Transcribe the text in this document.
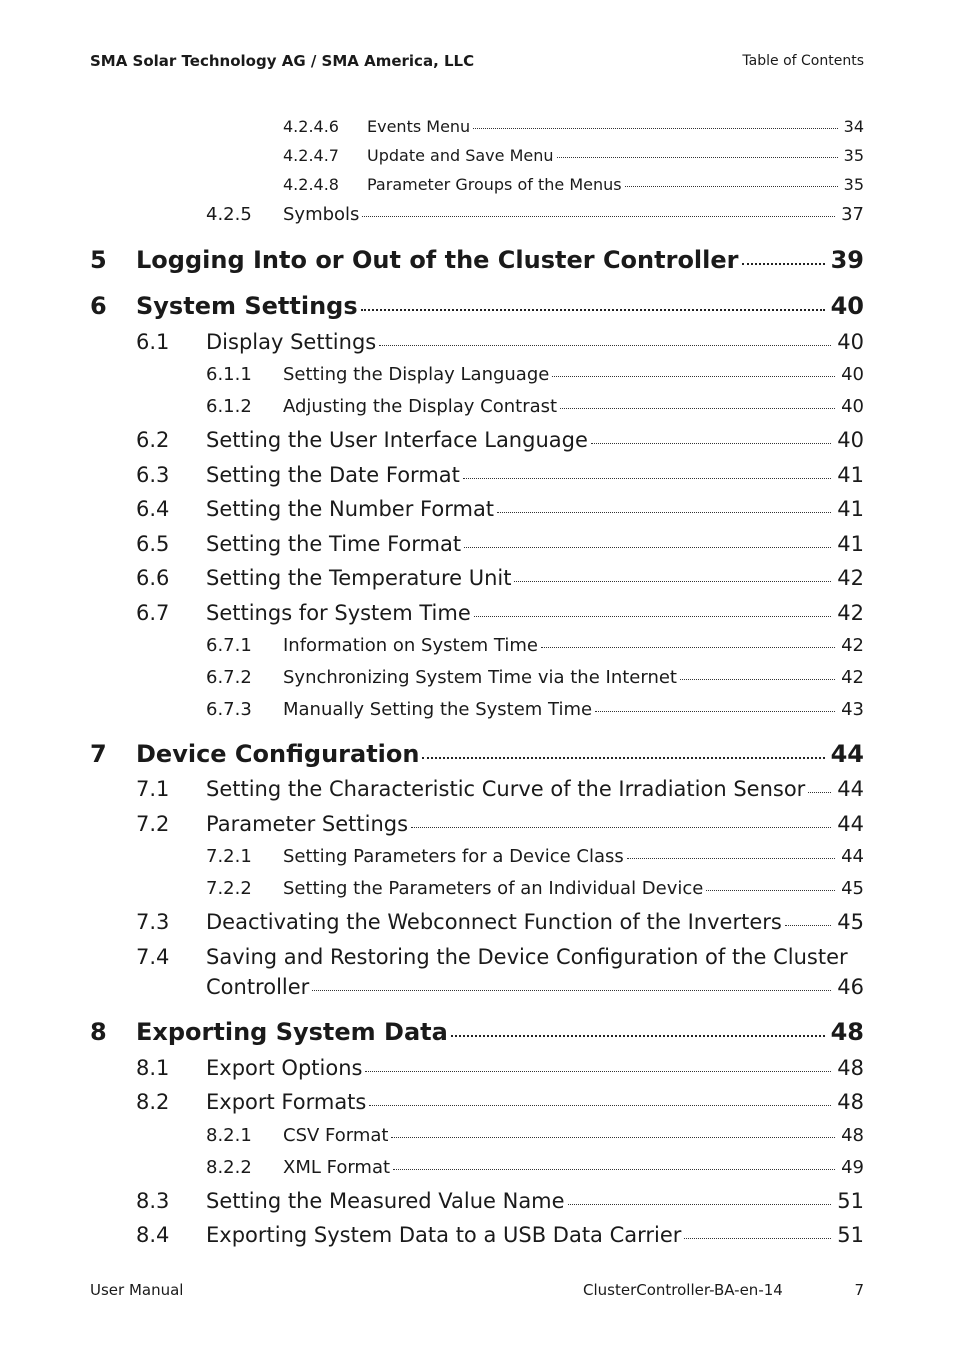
SMA Solar Technology AG / SMA America, LLC	Table of Contents
4.2.4.6	Events Menu	34
4.2.4.7	Update and Save Menu	35
4.2.4.8	Parameter Groups of the Menus	35
4.2.5	Symbols	37
5	Logging Into or Out of the Cluster Controller	39
6	System Settings	40
6.1	Display Settings	40
6.1.1	Setting the Display Language	40
6.1.2	Adjusting the Display Contrast	40
6.2	Setting the User Interface Language	40
6.3	Setting the Date Format	41
6.4	Setting the Number Format	41
6.5	Setting the Time Format	41
6.6	Setting the Temperature Unit	42
6.7	Settings for System Time	42
6.7.1	Information on System Time	42
6.7.2	Synchronizing System Time via the Internet	42
6.7.3	Manually Setting the System Time	43
7	Device Configuration	44
7.1	Setting the Characteristic Curve of the Irradiation Sensor 44
7.2	Parameter Settings	44
7.2.1	Setting Parameters for a Device Class	44
7.2.2	Setting the Parameters of an Individual Device	45
7.3	Deactivating the Webconnect Function of the Inverters	45
7.4	Saving and Restoring the Device Configuration of the Cluster
Controller	46
8	Exporting System Data	48
8.1	Export Options	48
8.2	Export Formats	48
8.2.1	CSV Format	48
8.2.2	XML Format	49
8.3	Setting the Measured Value Name	51
8.4	Exporting System Data to a USB Data Carrier	51
User Manual	ClusterController-BA-en-14	7
